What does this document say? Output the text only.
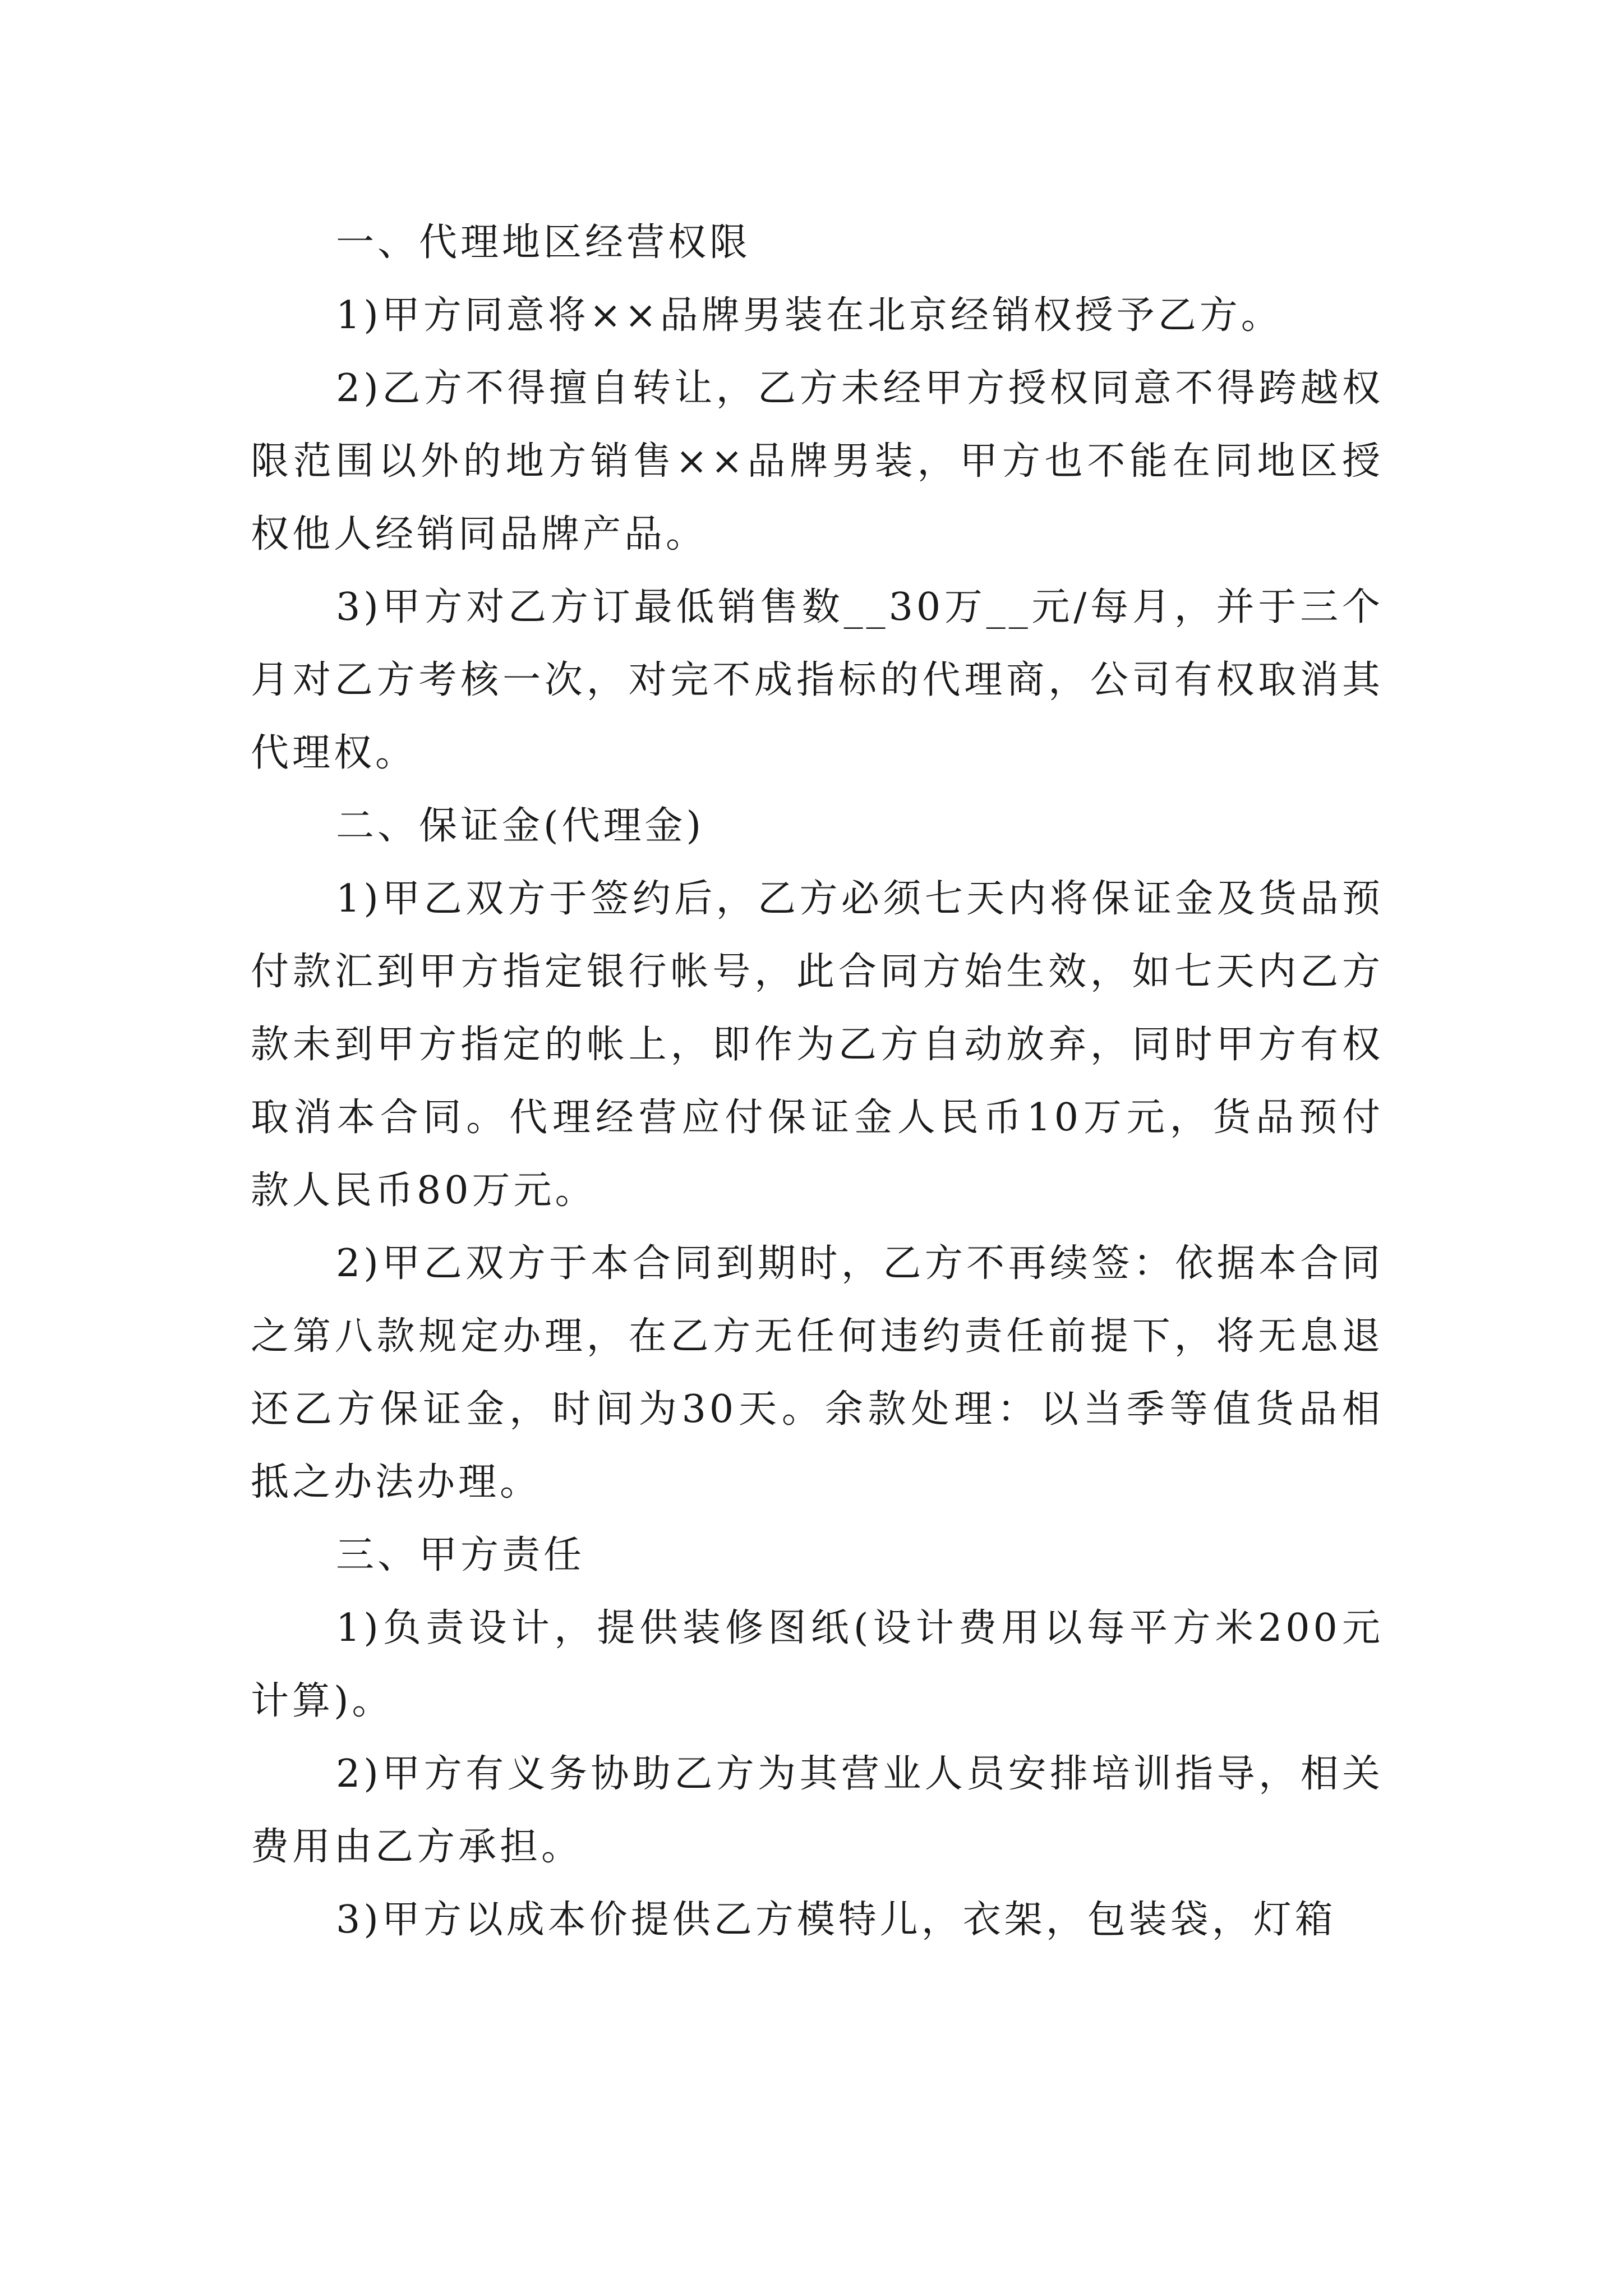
一、代理地区经营权限

1)甲方同意将××品牌男装在北京经销权授予乙方。

2)乙方不得擅自转让，乙方未经甲方授权同意不得跨越权限范围以外的地方销售××品牌男装，甲方也不能在同地区授权他人经销同品牌产品。

3)甲方对乙方订最低销售数__30万__元/每月，并于三个月对乙方考核一次，对完不成指标的代理商，公司有权取消其代理权。

二、保证金(代理金)

1)甲乙双方于签约后，乙方必须七天内将保证金及货品预付款汇到甲方指定银行帐号，此合同方始生效，如七天内乙方款未到甲方指定的帐上，即作为乙方自动放弃，同时甲方有权取消本合同。代理经营应付保证金人民币10万元，货品预付款人民币80万元。

2)甲乙双方于本合同到期时，乙方不再续签：依据本合同之第八款规定办理，在乙方无任何违约责任前提下，将无息退还乙方保证金，时间为30天。余款处理：以当季等值货品相抵之办法办理。

三、甲方责任

1)负责设计，提供装修图纸(设计费用以每平方米200元计算)。

2)甲方有义务协助乙方为其营业人员安排培训指导，相关费用由乙方承担。

3)甲方以成本价提供乙方模特儿，衣架，包装袋，灯箱
